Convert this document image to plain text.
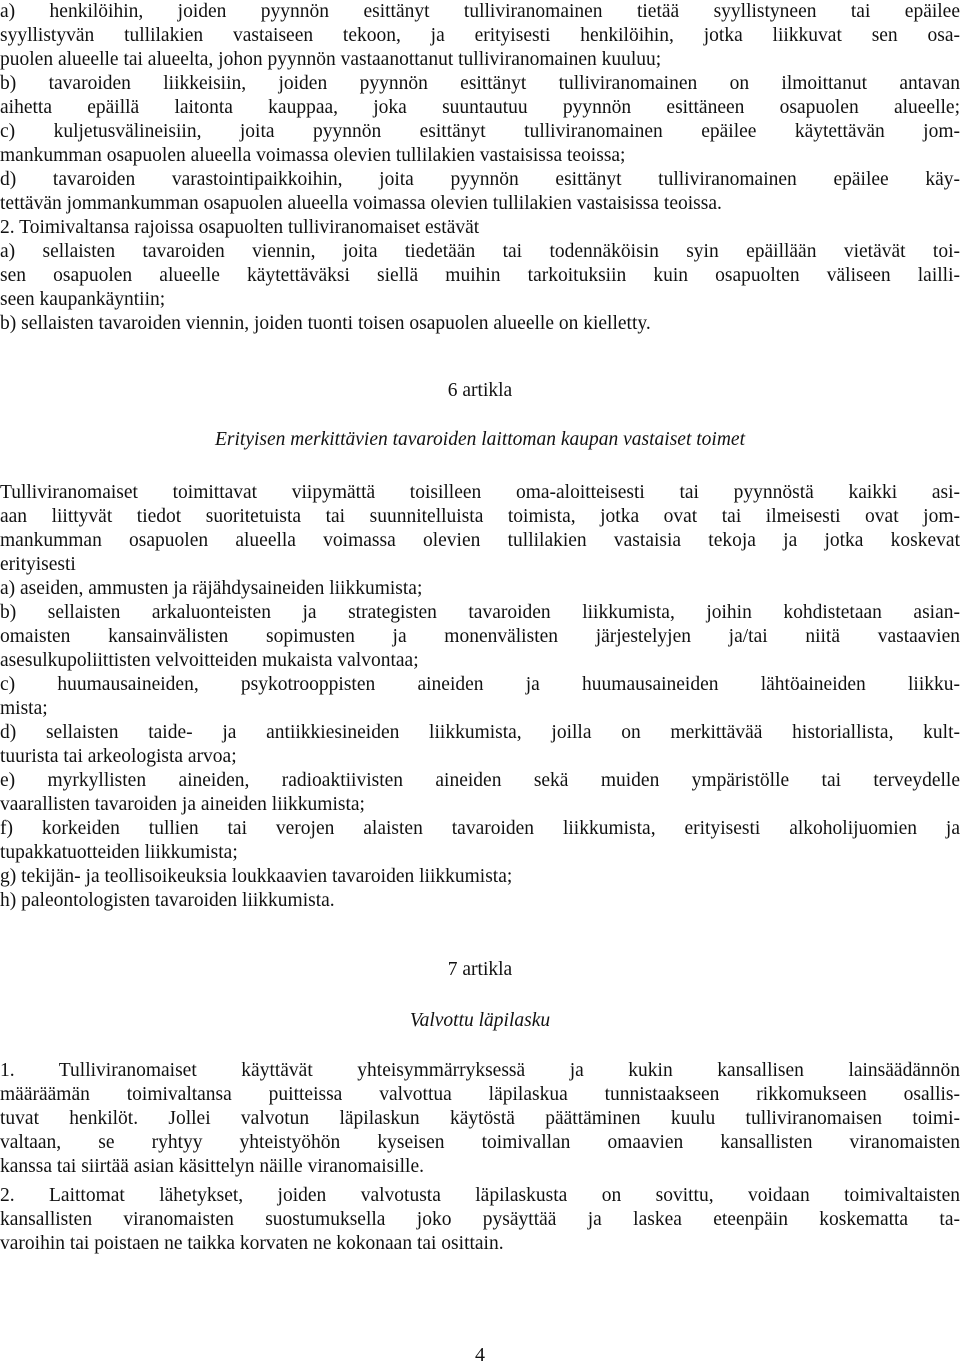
a) henkilöihin, joiden pyynnön esittänyt tulliviranomainen tietää syyllistyneen tai epäilee
syyllistyvän tullilakien vastaiseen tekoon, ja erityisesti henkilöihin, jotka liikkuvat sen osa-
puolen alueelle tai alueelta, johon pyynnön vastaanottanut tulliviranomainen kuuluu;
b) tavaroiden liikkeisiin, joiden pyynnön esittänyt tulliviranomainen on ilmoittanut antavan
aihetta epäillä laitonta kauppaa, joka suuntautuu pyynnön esittäneen osapuolen alueelle;
c) kuljetusvälineisiin, joita pyynnön esittänyt tulliviranomainen epäilee käytettävän jom-
mankumman osapuolen alueella voimassa olevien tullilakien vastaisissa teoissa;
d) tavaroiden varastointipaikkoihin, joita pyynnön esittänyt tulliviranomainen epäilee käy-
tettävän jommankumman osapuolen alueella voimassa olevien tullilakien vastaisissa teoissa.
2. Toimivaltansa rajoissa osapuolten tulliviranomaiset estävät
a) sellaisten tavaroiden viennin, joita tiedetään tai todennäköisin syin epäillään vietävät toi-
sen osapuolen alueelle käytettäväksi siellä muihin tarkoituksiin kuin osapuolten väliseen lailli-
seen kaupankäyntiin;
b) sellaisten tavaroiden viennin, joiden tuonti toisen osapuolen alueelle on kielletty.
6 artikla
Erityisen merkittävien tavaroiden laittoman kaupan vastaiset toimet
Tulliviranomaiset toimittavat viipymättä toisilleen oma-aloitteisesti tai pyynnöstä kaikki asi-
aan liittyvät tiedot suoritetuista tai suunnitelluista toimista, jotka ovat tai ilmeisesti ovat jom-
mankumman osapuolen alueella voimassa olevien tullilakien vastaisia tekoja ja jotka koskevat
erityisesti
a) aseiden, ammusten ja räjähdysaineiden liikkumista;
b) sellaisten arkaluonteisten ja strategisten tavaroiden liikkumista, joihin kohdistetaan asian-
omaisten kansainvälisten sopimusten ja monenvälisten järjestelyjen ja/tai niitä vastaavien
asesulkupoliittisten velvoitteiden mukaista valvontaa;
c) huumausaineiden, psykotrooppisten aineiden ja huumausaineiden lähtöaineiden liikku-
mista;
d) sellaisten taide- ja antiikkiesineiden liikkumista, joilla on merkittävää historiallista, kult-
tuurista tai arkeologista arvoa;
e) myrkyllisten aineiden, radioaktiivisten aineiden sekä muiden ympäristölle tai terveydelle
vaarallisten tavaroiden ja aineiden liikkumista;
f) korkeiden tullien tai verojen alaisten tavaroiden liikkumista, erityisesti alkoholijuomien ja
tupakkatuotteiden liikkumista;
g) tekijän- ja teollisoikeuksia loukkaavien tavaroiden liikkumista;
h) paleontologisten tavaroiden liikkumista.
7 artikla
Valvottu läpilasku
1. Tulliviranomaiset käyttävät yhteisymmärryksessä ja kukin kansallisen lainsäädännön
määräämän toimivaltansa puitteissa valvottua läpilaskua tunnistaakseen rikkomukseen osallis-
tuvat henkilöt. Jollei valvotun läpilaskun käytöstä päättäminen kuulu tulliviranomaisen toimi-
valtaan, se ryhtyy yhteistyöhön kyseisen toimivallan omaavien kansallisten viranomaisten
kanssa tai siirtää asian käsittelyn näille viranomaisille.
2. Laittomat lähetykset, joiden valvotusta läpilaskusta on sovittu, voidaan toimivaltaisten
kansallisten viranomaisten suostumuksella joko pysäyttää ja laskea eteenpäin koskematta ta-
varoihin tai poistaen ne taikka korvaten ne kokonaan tai osittain.
4
